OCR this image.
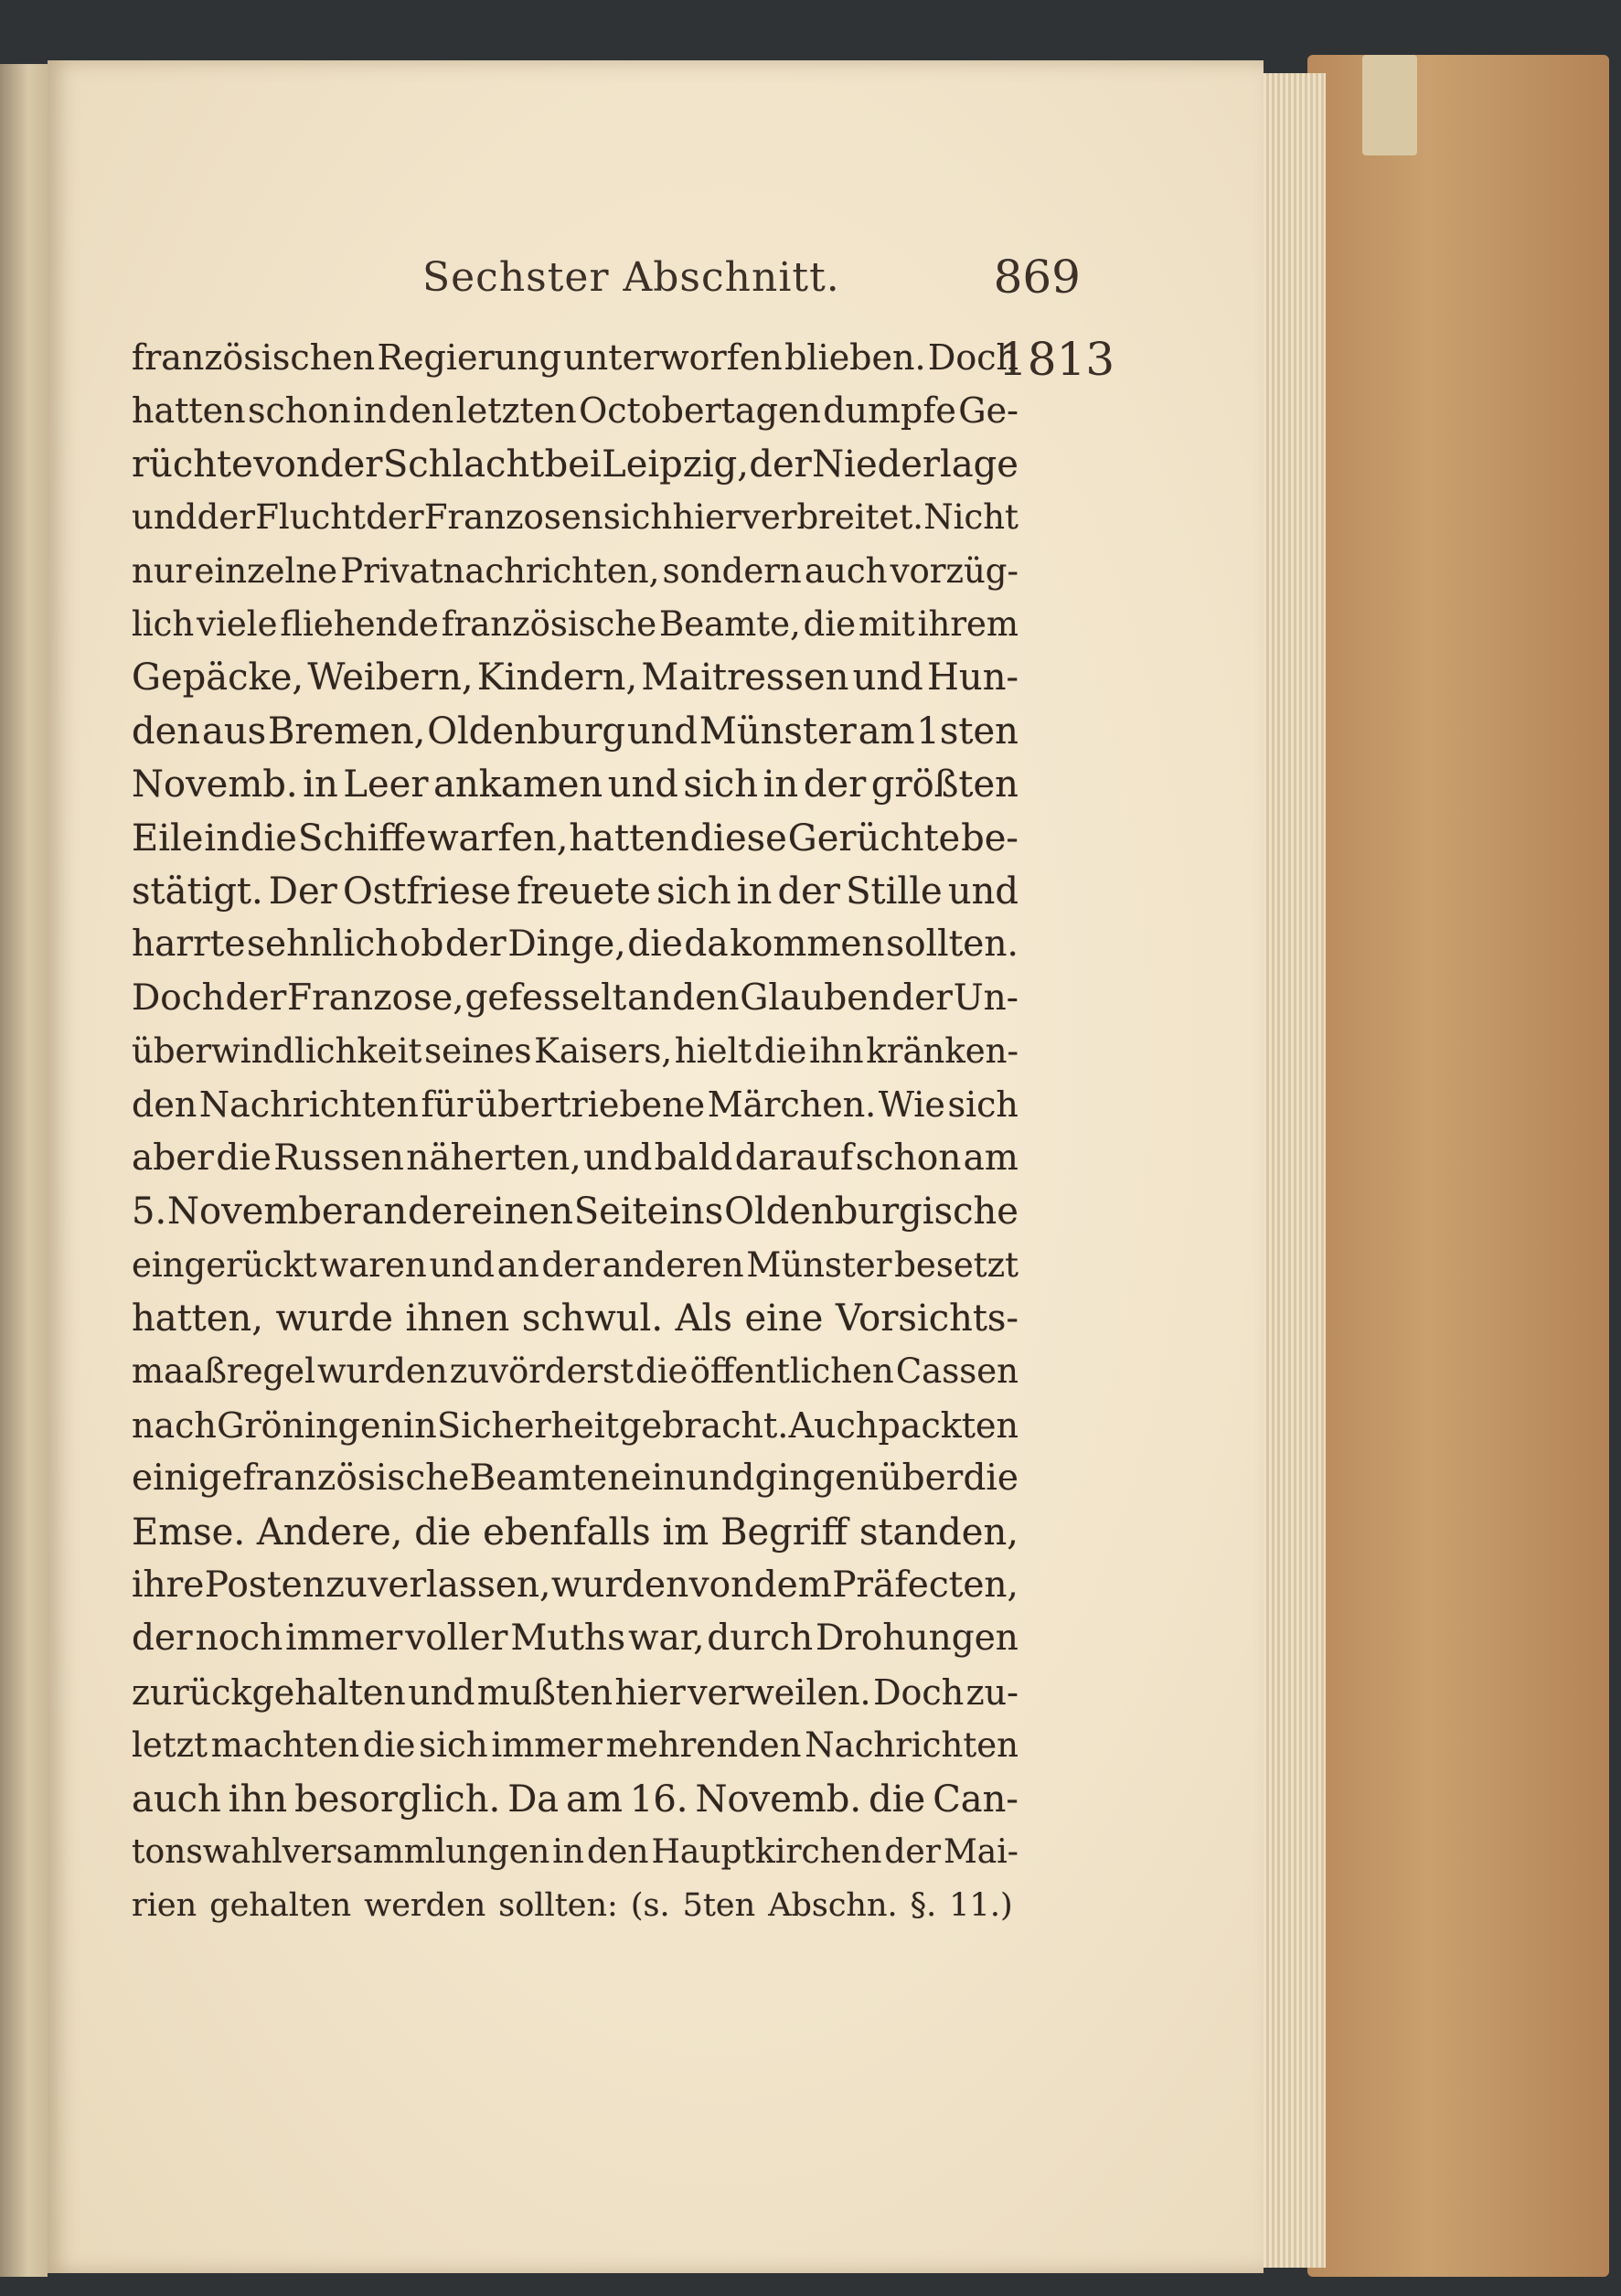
Sechster Abschnitt.	869
1813
französischen Regierung unterworfen blieben. Doch
hatten schon in den letzten Octobertagen dumpfe Ge-
rüchte von der Schlacht bei Leipzig, der Niederlage
und der Flucht der Franzosen sich hier verbreitet. Nicht
nur einzelne Privatnachrichten, sondern auch vorzüg-
lich viele fliehende französische Beamte, die mit ihrem
Gepäcke, Weibern, Kindern, Maitressen und Hun-
den aus Bremen, Oldenburg und Münster am 1sten
Novemb. in Leer ankamen und sich in der größten
Eile in die Schiffe warfen, hatten diese Gerüchte be-
stätigt. Der Ostfriese freuete sich in der Stille und
harrte sehnlich ob der Dinge, die da kommen sollten.
Doch der Franzose, gefesselt an den Glauben der Un-
überwindlichkeit seines Kaisers, hielt die ihn kränken-
den Nachrichten für übertriebene Märchen. Wie sich
aber die Russen näherten, und bald darauf schon am
5. November an der einen Seite ins Oldenburgische
eingerückt waren und an der anderen Münster besetzt
hatten, wurde ihnen schwul. Als eine Vorsichts-
maaßregel wurden zuvörderst die öffentlichen Cassen
nach Gröningen in Sicherheit gebracht. Auch packten
einige französische Beamten ein und gingen über die
Emse. Andere, die ebenfalls im Begriff standen,
ihre Posten zu verlassen, wurden von dem Präfecten,
der noch immer voller Muths war, durch Drohungen
zurückgehalten und mußten hier verweilen. Doch zu-
letzt machten die sich immer mehrenden Nachrichten
auch ihn besorglich. Da am 16. Novemb. die Can-
tonswahlversammlungen in den Hauptkirchen der Mai-
rien gehalten werden sollten: (s. 5ten Abschn. §. 11.)
